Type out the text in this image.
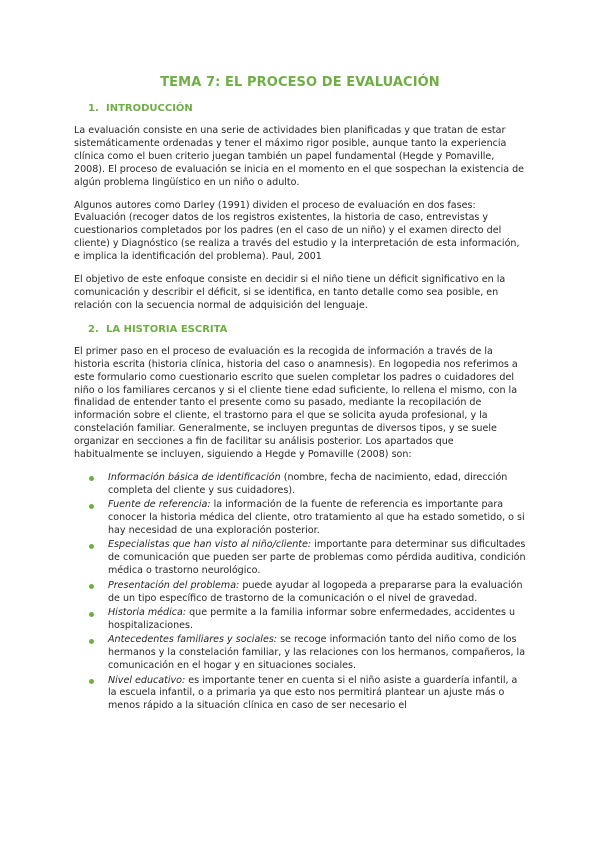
TEMA 7: EL PROCESO DE EVALUACIÓN
1. INTRODUCCIÓN

La evaluación consiste en una serie de actividades bien planificadas y que tratan de estar sistemáticamente ordenadas y tener el máximo rigor posible, aunque tanto la experiencia clínica como el buen criterio juegan también un papel fundamental (Hegde y Pomaville, 2008). El proceso de evaluación se inicia en el momento en el que sospechan la existencia de algún problema lingüístico en un niño o adulto.

Algunos autores como Darley (1991) dividen el proceso de evaluación en dos fases: Evaluación (recoger datos de los registros existentes, la historia de caso, entrevistas y cuestionarios completados por los padres (en el caso de un niño) y el examen directo del cliente) y Diagnóstico (se realiza a través del estudio y la interpretación de esta información, e implica la identificación del problema). Paul, 2001

El objetivo de este enfoque consiste en decidir si el niño tiene un déficit significativo en la comunicación y describir el déficit, si se identifica, en tanto detalle como sea posible, en relación con la secuencia normal de adquisición del lenguaje.

2. LA HISTORIA ESCRITA

El primer paso en el proceso de evaluación es la recogida de información a través de la historia escrita (historia clínica, historia del caso o anamnesis). En logopedia nos referimos a este formulario como cuestionario escrito que suelen completar los padres o cuidadores del niño o los familiares cercanos y si el cliente tiene edad suficiente, lo rellena el mismo, con la finalidad de entender tanto el presente como su pasado, mediante la recopilación de información sobre el cliente, el trastorno para el que se solicita ayuda profesional, y la constelación familiar. Generalmente, se incluyen preguntas de diversos tipos, y se suele organizar en secciones a fin de facilitar su análisis posterior. Los apartados que habitualmente se incluyen, siguiendo a Hegde y Pomaville (2008) son:

Información básica de identificación (nombre, fecha de nacimiento, edad, dirección completa del cliente y sus cuidadores).
Fuente de referencia: la información de la fuente de referencia es importante para conocer la historia médica del cliente, otro tratamiento al que ha estado sometido, o si hay necesidad de una exploración posterior.
Especialistas que han visto al niño/cliente: importante para determinar sus dificultades de comunicación que pueden ser parte de problemas como pérdida auditiva, condición médica o trastorno neurológico.
Presentación del problema: puede ayudar al logopeda a prepararse para la evaluación de un tipo específico de trastorno de la comunicación o el nivel de gravedad.
Historia médica: que permite a la familia informar sobre enfermedades, accidentes u hospitalizaciones.
Antecedentes familiares y sociales: se recoge información tanto del niño como de los hermanos y la constelación familiar, y las relaciones con los hermanos, compañeros, la comunicación en el hogar y en situaciones sociales.
Nivel educativo: es importante tener en cuenta si el niño asiste a guardería infantil, a la escuela infantil, o a primaria ya que esto nos permitirá plantear un ajuste más o menos rápido a la situación clínica en caso de ser necesario el
